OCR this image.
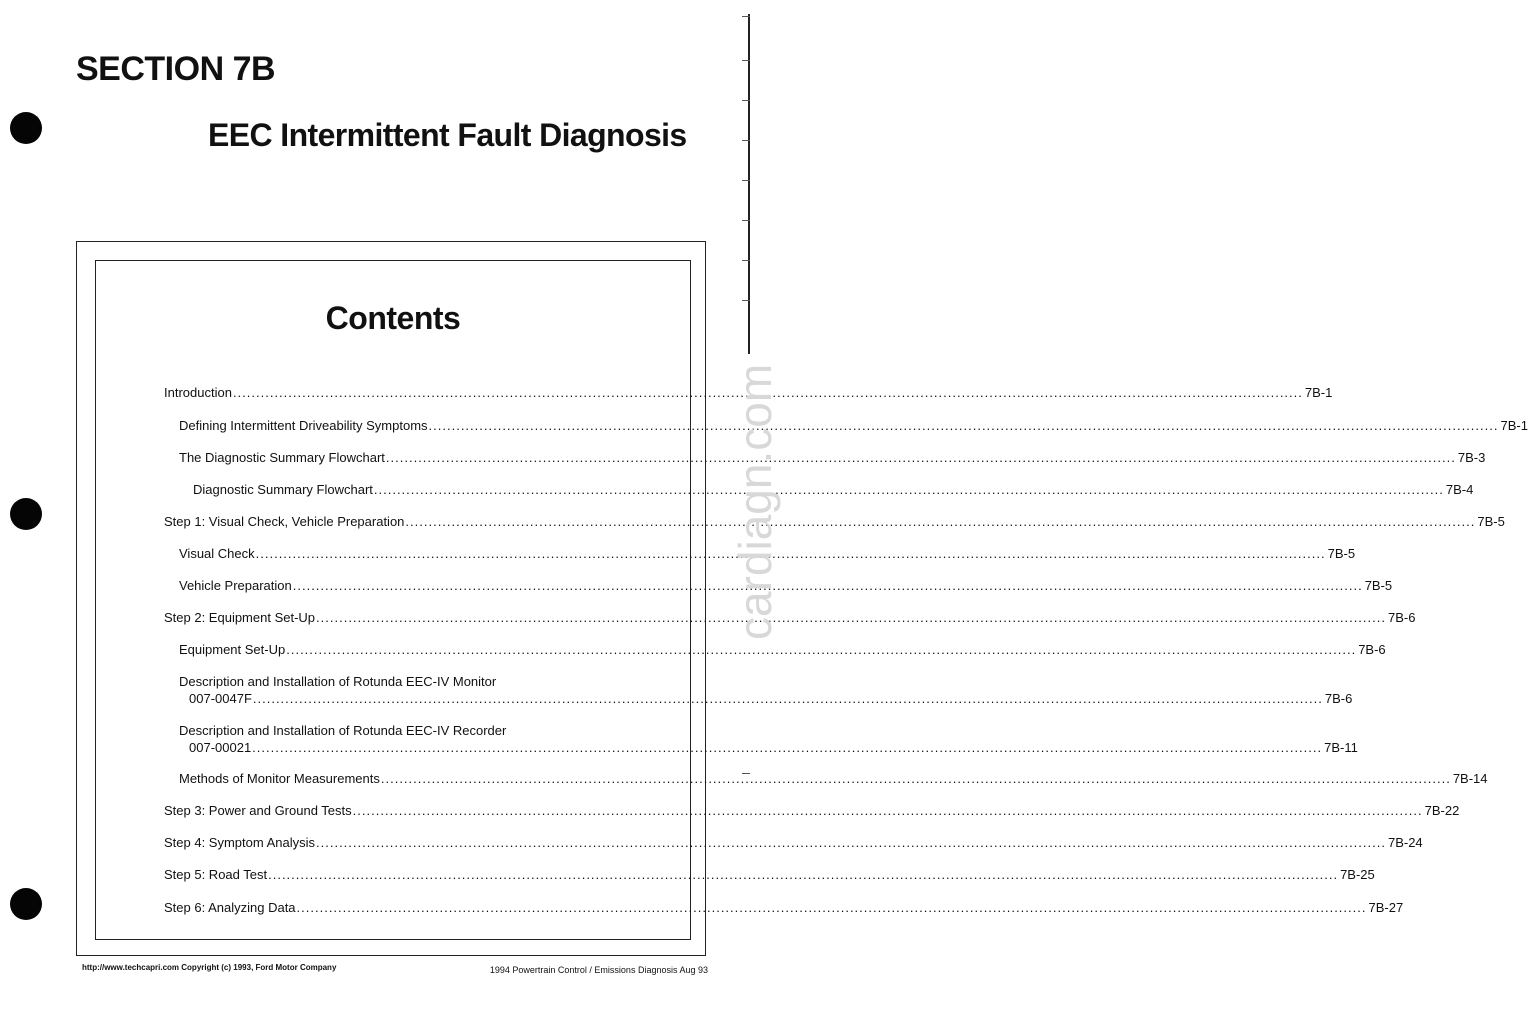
SECTION 7B
EEC Intermittent Fault Diagnosis
Contents
Introduction .....	7B-1
Defining Intermittent Driveability Symptoms .....	7B-1
The Diagnostic Summary Flowchart .....	7B-3
Diagnostic Summary Flowchart .....	7B-4
Step 1: Visual Check, Vehicle Preparation .....	7B-5
Visual Check .....	7B-5
Vehicle Preparation .....	7B-5
Step 2: Equipment Set-Up .....	7B-6
Equipment Set-Up .....	7B-6
Description and Installation of Rotunda EEC-IV Monitor
007-0047F .....	7B-6
Description and Installation of Rotunda EEC-IV Recorder
007-00021 .....	7B-11
Methods of Monitor Measurements .....	7B-14
Step 3: Power and Ground Tests .....	7B-22
Step 4: Symptom Analysis .....	7B-24
Step 5: Road Test .....	7B-25
Step 6: Analyzing Data .....	7B-27
cardiagn.com
http://www.techcapri.com Copyright (c) 1993, Ford Motor Company	1994 Powertrain Control / Emissions Diagnosis Aug 93
